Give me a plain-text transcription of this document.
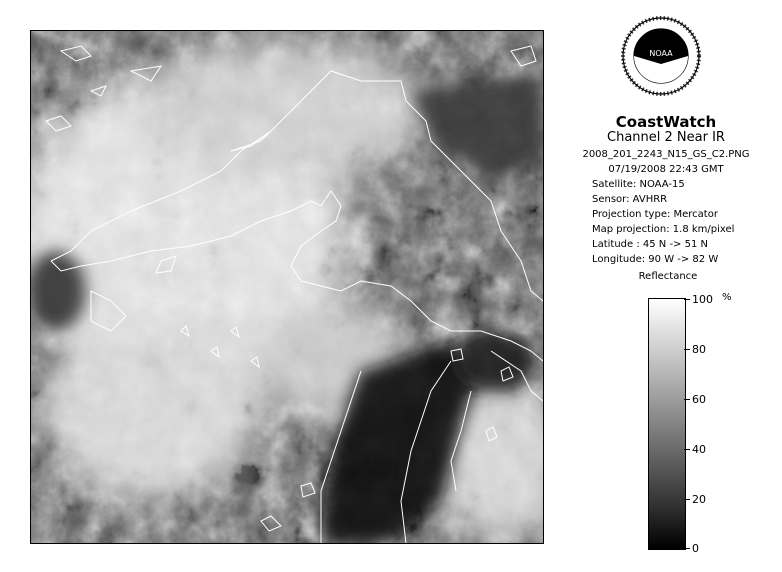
NOAA
CoastWatch
Channel 2 Near IR
2008_201_2243_N15_GS_C2.PNG
07/19/2008 22:43 GMT
Satellite: NOAA-15
Sensor: AVHRR
Projection type: Mercator
Map projection: 1.8 km/pixel
Latitude : 45 N -> 51 N
Longitude: 90 W -> 82 W
Reflectance
%
100
80
60
40
20
0
